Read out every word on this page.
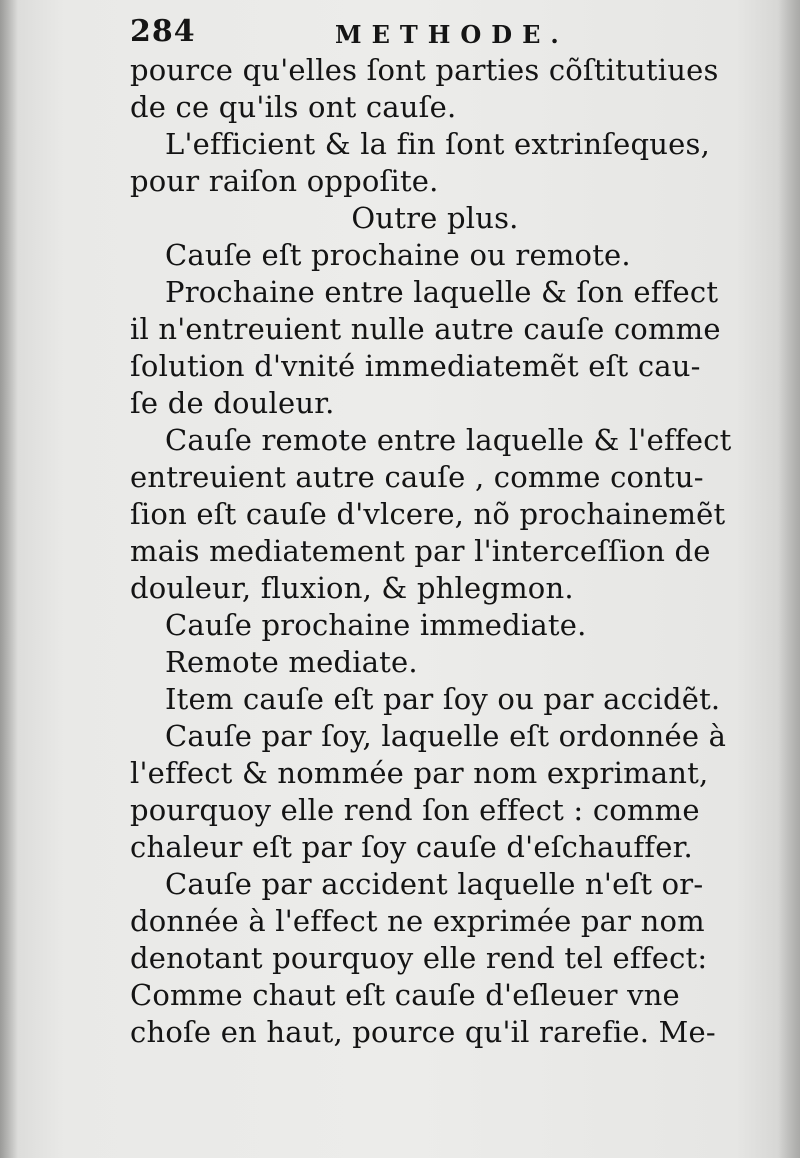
284	METHODE.
pource qu'elles ſont parties cõſtitutiues
de ce qu'ils ont cauſe.
L'efficient & la fin ſont extrinſeques,
pour raiſon oppoſite.
Outre plus.
Cauſe eſt prochaine ou remote.
Prochaine entre laquelle & ſon effect
il n'entreuient nulle autre cauſe comme
ſolution d'vnité immediatemẽt eſt cau-
ſe de douleur.
Cauſe remote entre laquelle & l'effect
entreuient autre cauſe , comme contu-
ſion eſt cauſe d'vlcere, nõ prochainemẽt
mais mediatement par l'interceſſion de
douleur, fluxion, & phlegmon.
Cauſe prochaine immediate.
Remote mediate.
Item cauſe eſt par ſoy ou par accidẽt.
Cauſe par ſoy, laquelle eſt ordonnée à
l'effect & nommée par nom exprimant,
pourquoy elle rend ſon effect : comme
chaleur eſt par ſoy cauſe d'eſchauffer.
Cauſe par accident laquelle n'eſt or-
donnée à l'effect ne exprimée par nom
denotant pourquoy elle rend tel effect:
Comme chaut eſt cauſe d'eſleuer vne
choſe en haut, pource qu'il rarefie. Me-
